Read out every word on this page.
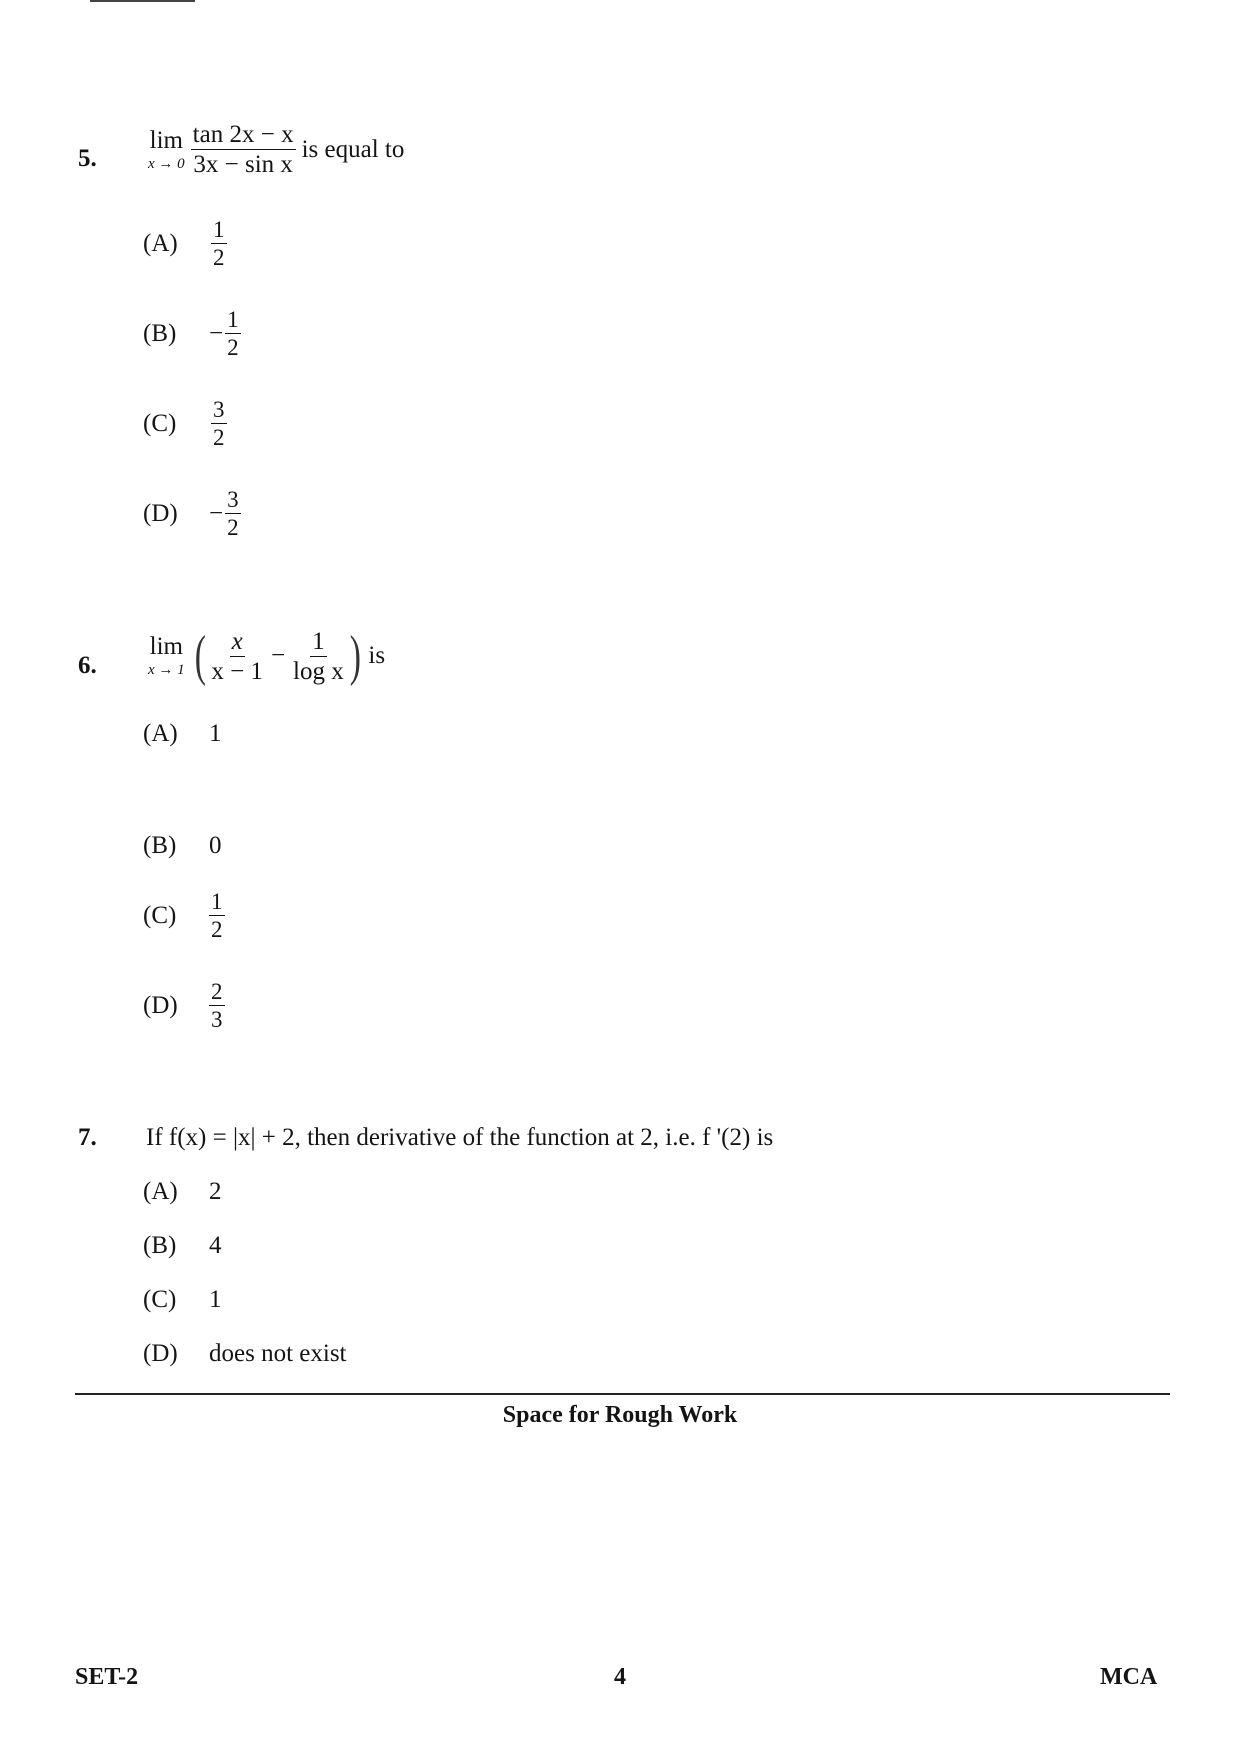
5.
lim
$x \to 0 \frac{\tan 2x - x}{\text{3x − sin x}}$ is equal to
(A)	$\frac{1}{2}$
(B)	− $\frac{1}{2}$
(C)	$\frac{3}{2}$
(D)	− $\frac{3}{2}$
6.
lim
x → 1 ( $\frac{x}{x - 1} - \frac{1}{\text{log x}}$ ) is
(A)	1
(B)	0
(C)	$\frac{1}{2}$
(D)	$\frac{2}{3}$
7. If f(x) = |x| + 2, then derivative of the function at 2, i.e. f '(2) is
(A)	2
(B)	4
(C)	1
(D)	does not exist
Space for Rough Work
SET-2	4	MCA
